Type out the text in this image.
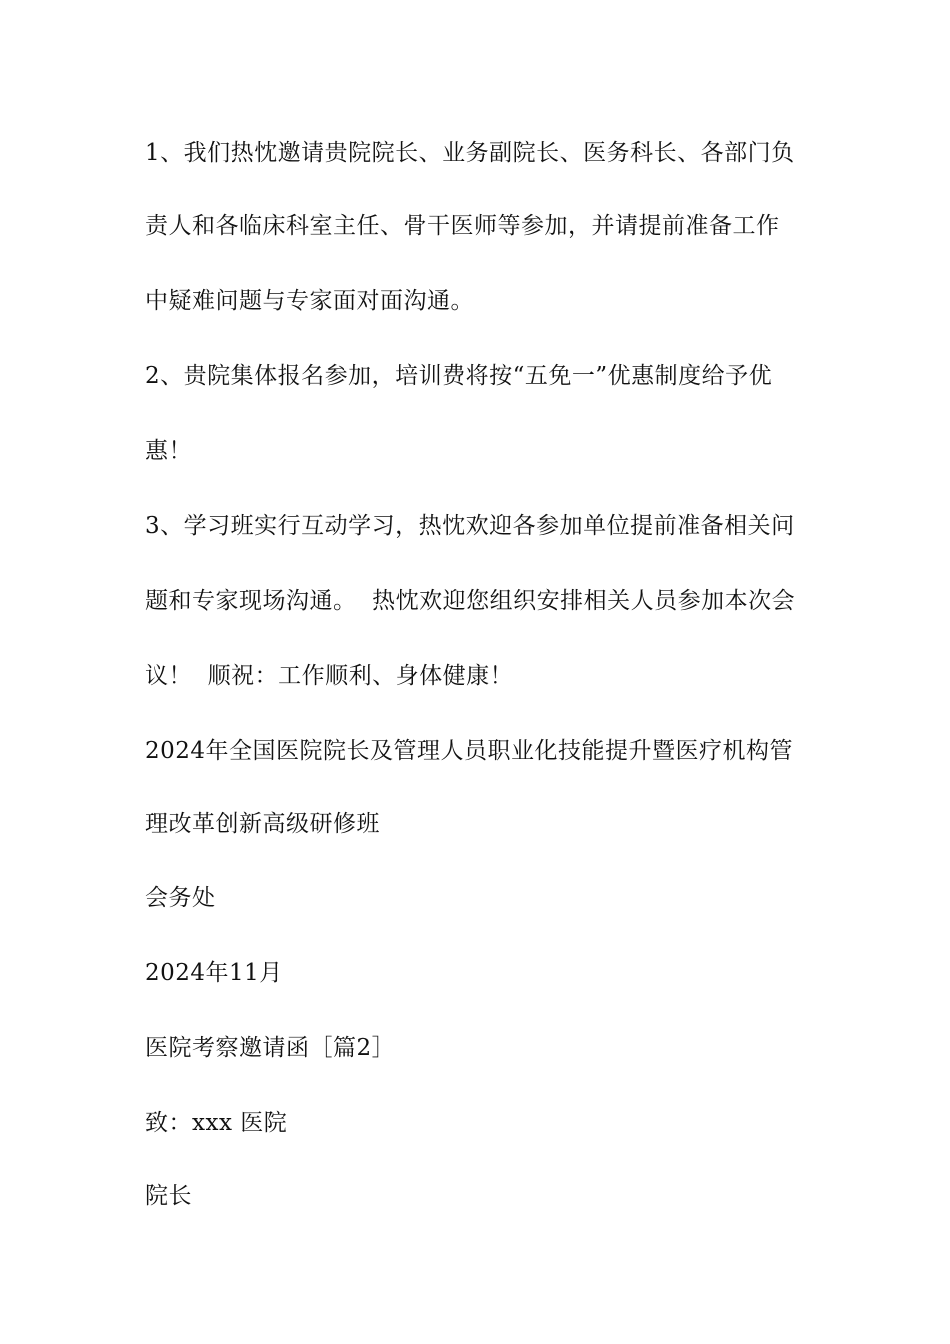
1、我们热忱邀请贵院院长、业务副院长、医务科长、各部门负
责人和各临床科室主任、骨干医师等参加，并请提前准备工作
中疑难问题与专家面对面沟通。
2、贵院集体报名参加，培训费将按“五免一”优惠制度给予优
惠！
3、学习班实行互动学习，热忱欢迎各参加单位提前准备相关问
题和专家现场沟通。  热忱欢迎您组织安排相关人员参加本次会
议！  顺祝：工作顺利、身体健康！
2024年全国医院院长及管理人员职业化技能提升暨医疗机构管
理改革创新高级研修班
会务处
2024年11月
医院考察邀请函［篇2］
致：xxx 医院
院长
